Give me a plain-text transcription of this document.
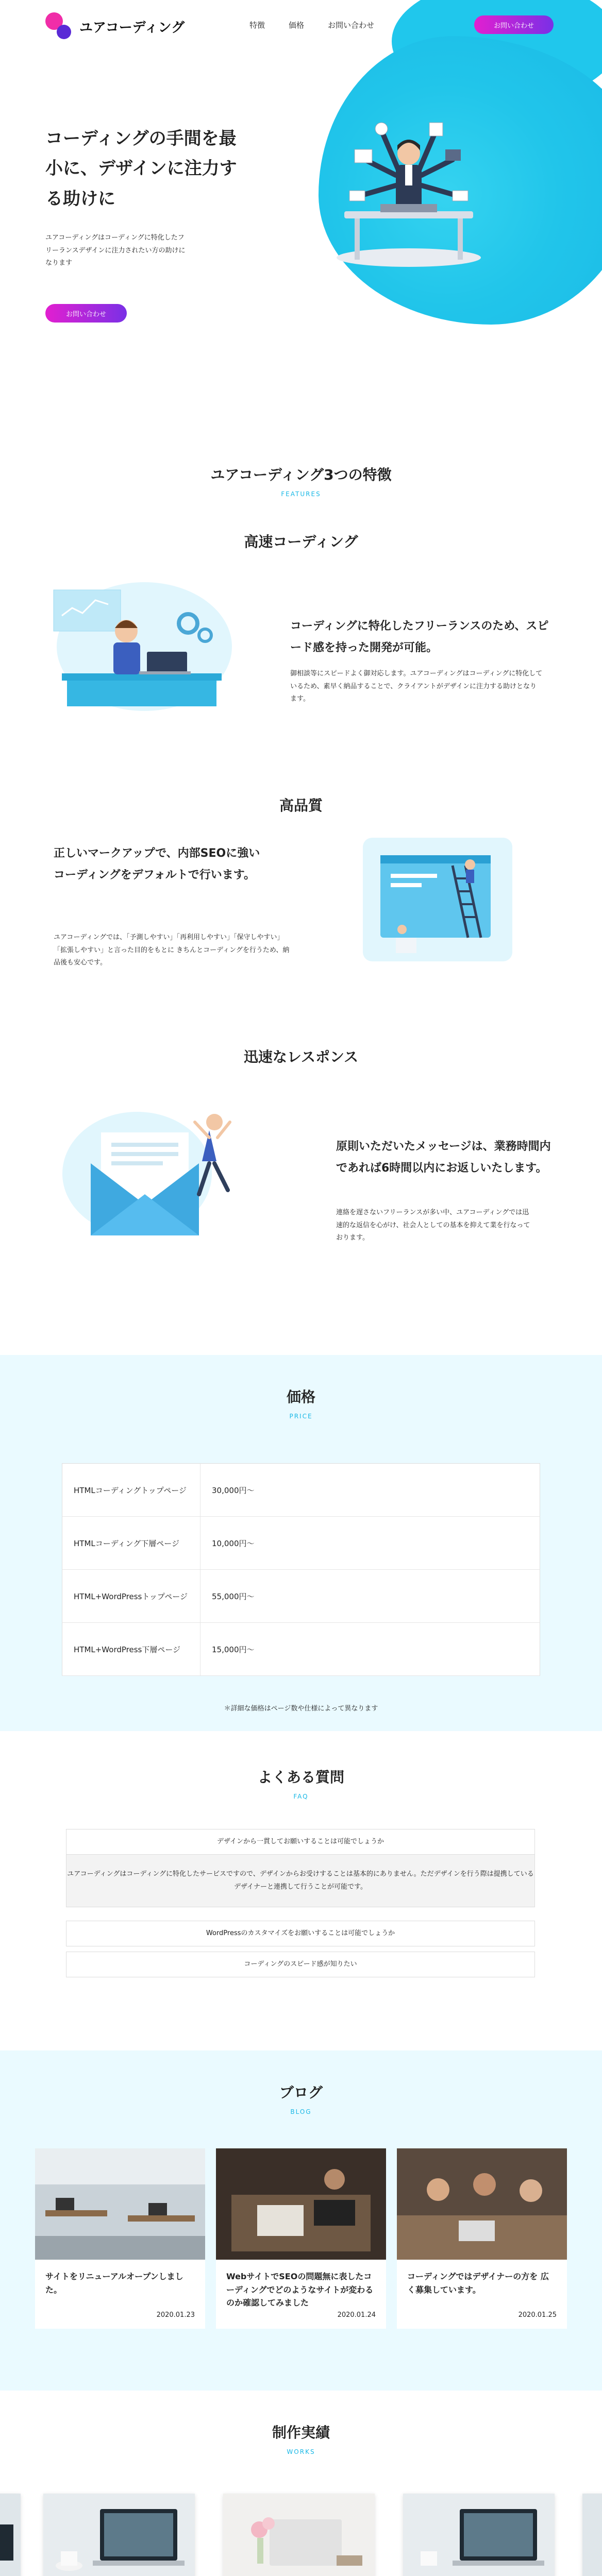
ユアコーディング	特徴	価格	お問い合わせ	お問い合わせ
コーディングの手間を最小に、デザインに注力する助けに

ユアコーディングはコーディングに特化したフリーランスデザインに注力されたい方の助けになります

お問い合わせ
ユアコーディング3つの特徴
FEATURES
高速コーディング

コーディングに特化したフリーランスのため、スピード感を持った開発が可能。

御相談等にスピードよく御対応します。ユアコーディングはコーディングに特化しているため、素早く納品することで、クライアントがデザインに注力する助けとなります。

高品質

正しいマークアップで、内部SEOに強いコーディングをデフォルトで行います。

ユアコーディングでは、「予測しやすい」「再利用しやすい」「保守しやすい」「拡張しやすい」と言った目的をもとに きちんとコーディングを行うため、納品後も安心です。

迅速なレスポンス

原則いただいたメッセージは、業務時間内であれば6時間以内にお返しいたします。

連絡を遅さないフリーランスが多い中、ユアコーディングでは迅速的な返信を心がけ、社会人としての基本を抑えて業を行なっております。

価格
PRICE
HTMLコーディングトップページ	30,000円～
HTMLコーディング下層ページ	10,000円～
HTML+WordPressトップページ	55,000円～
HTML+WordPress下層ページ	15,000円～

＊詳細な価格はページ数や仕様によって異なります

よくある質問
FAQ
デザインから一貫してお願いすることは可能でしょうか
ユアコーディングはコーディングに特化したサービスですので、デザインからお受けすることは基本的にありません。ただデザインを行う際は提携しているデザイナーと連携して行うことが可能です。
WordPressのカスタマイズをお願いすることは可能でしょうか
コーディングのスピード感が知りたい
ブログ
BLOG
サイトをリニューアルオープンしました。
2020.01.23
WebサイトでSEOの問題無に表したコーディングでどのようなサイトが変わるのか確認してみました
2020.01.24
コーディングではデザイナーの方を 広く募集しています。
2020.01.25
制作実績
WORKS
